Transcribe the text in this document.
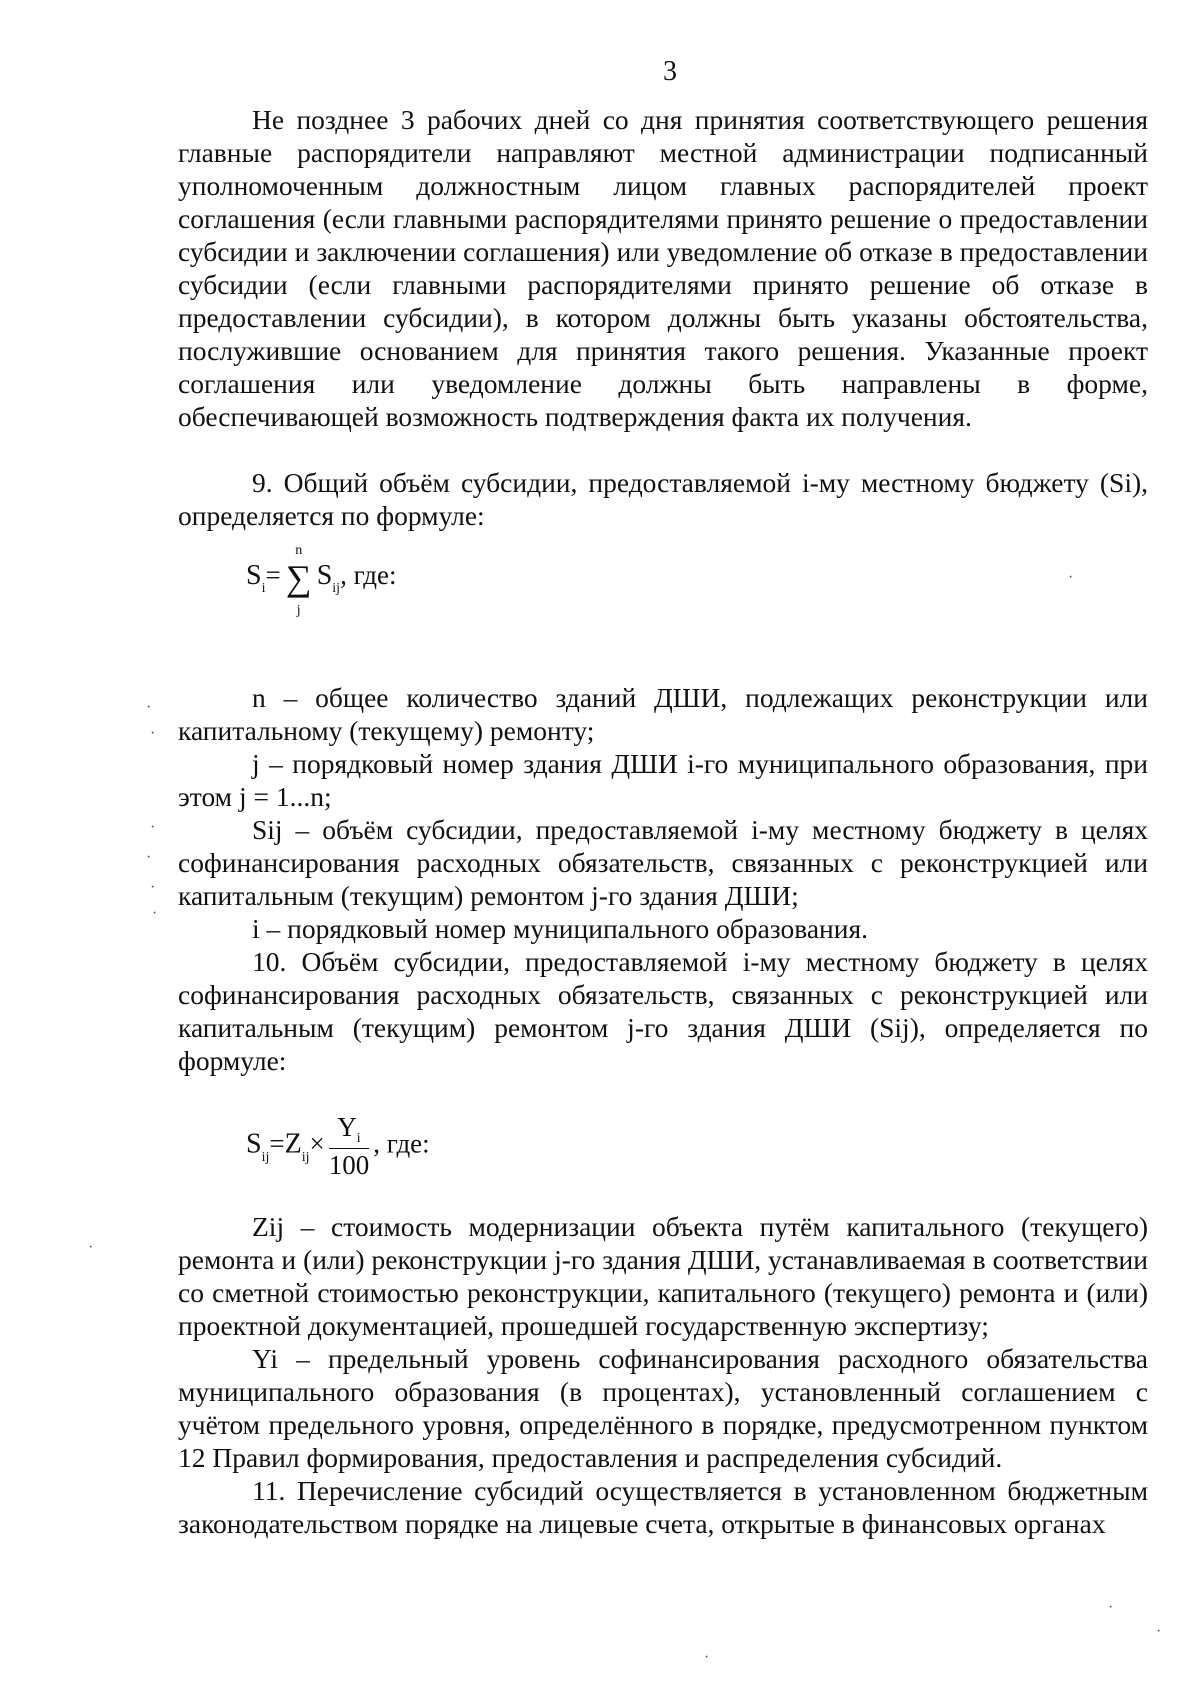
3

Не позднее 3 рабочих дней со дня принятия соответствующего решения главные распорядители направляют местной администрации подписанный уполномоченным должностным лицом главных распорядителей проект соглашения (если главными распорядителями принято решение о предоставлении субсидии и заключении соглашения) или уведомление об отказе в предоставлении субсидии (если главными распорядителями принято решение об отказе в предоставлении субсидии), в котором должны быть указаны обстоятельства, послужившие основанием для принятия такого решения. Указанные проект соглашения или уведомление должны быть направлены в форме, обеспечивающей возможность подтверждения факта их получения.

9. Общий объём субсидии, предоставляемой i-му местному бюджету (Si), определяется по формуле:

$S_i=$
n
∑
j
$S_{ij}$, где:

n – общее количество зданий ДШИ, подлежащих реконструкции или капитальному (текущему) ремонту;

j – порядковый номер здания ДШИ i-го муниципального образования, при этом j = 1...n;

Sij – объём субсидии, предоставляемой i-му местному бюджету в целях софинансирования расходных обязательств, связанных с реконструкцией или капитальным (текущим) ремонтом j-го здания ДШИ;

i – порядковый номер муниципального образования.

10. Объём субсидии, предоставляемой i-му местному бюджету в целях софинансирования расходных обязательств, связанных с реконструкцией или капитальным (текущим) ремонтом j-го здания ДШИ (Sij), определяется по формуле:

$S_{ij}=Z_{ij}\times \frac{Y_i}{100}$ , где:

Zij – стоимость модернизации объекта путём капитального (текущего) ремонта и (или) реконструкции j-го здания ДШИ, устанавливаемая в соответствии со сметной стоимостью реконструкции, капитального (текущего) ремонта и (или) проектной документацией, прошедшей государственную экспертизу;

Yi – предельный уровень софинансирования расходного обязательства муниципального образования (в процентах), установленный соглашением с учётом предельного уровня, определённого в порядке, предусмотренном пунктом 12 Правил формирования, предоставления и распределения субсидий.

11. Перечисление субсидий осуществляется в установленном бюджетным законодательством порядке на лицевые счета, открытые в финансовых органах

·
·
·
·
·
·
·
·
·
·
·
